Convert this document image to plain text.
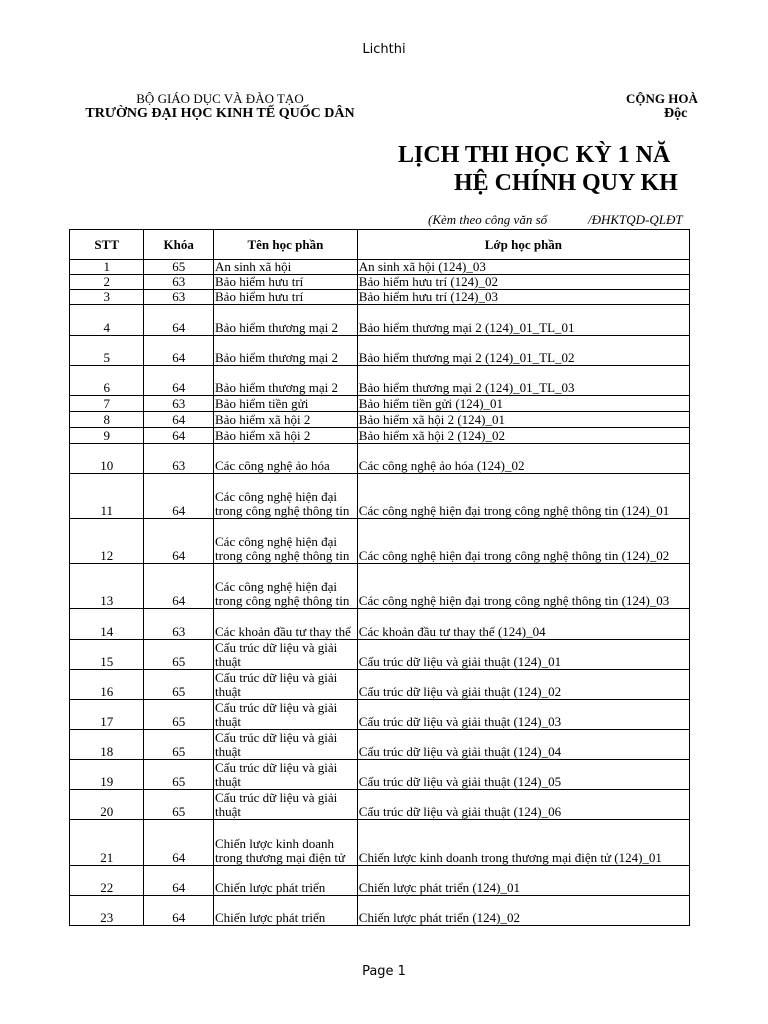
Lichthi
BỘ GIÁO DỤC VÀ ĐÀO TẠO
TRƯỜNG ĐẠI HỌC KINH TẾ QUỐC DÂN
CỘNG HOÀ
Độc
LỊCH THI HỌC KỲ 1 NĂ
HỆ CHÍNH QUY KH
(Kèm theo công văn số	/ĐHKTQD-QLĐT
STT	Khóa	Tên học phần	Lớp học phần
1	65	An sinh xã hội	An sinh xã hội (124)_03
2	63	Bảo hiểm hưu trí	Bảo hiểm hưu trí (124)_02
3	63	Bảo hiểm hưu trí	Bảo hiểm hưu trí (124)_03
4	64	Bảo hiểm thương mại 2	Bảo hiểm thương mại 2 (124)_01_TL_01
5	64	Bảo hiểm thương mại 2	Bảo hiểm thương mại 2 (124)_01_TL_02
6	64	Bảo hiểm thương mại 2	Bảo hiểm thương mại 2 (124)_01_TL_03
7	63	Bảo hiểm tiền gửi	Bảo hiểm tiền gửi (124)_01
8	64	Bảo hiểm xã hội 2	Bảo hiểm xã hội 2 (124)_01
9	64	Bảo hiểm xã hội 2	Bảo hiểm xã hội 2 (124)_02
10	63	Các công nghệ ảo hóa	Các công nghệ ảo hóa (124)_02
11	64	Các công nghệ hiện đại trong công nghệ thông tin	Các công nghệ hiện đại trong công nghệ thông tin (124)_01
12	64	Các công nghệ hiện đại trong công nghệ thông tin	Các công nghệ hiện đại trong công nghệ thông tin (124)_02
13	64	Các công nghệ hiện đại trong công nghệ thông tin	Các công nghệ hiện đại trong công nghệ thông tin (124)_03
14	63	Các khoản đầu tư thay thế	Các khoản đầu tư thay thế (124)_04
15	65	Cấu trúc dữ liệu và giải thuật	Cấu trúc dữ liệu và giải thuật (124)_01
16	65	Cấu trúc dữ liệu và giải thuật	Cấu trúc dữ liệu và giải thuật (124)_02
17	65	Cấu trúc dữ liệu và giải thuật	Cấu trúc dữ liệu và giải thuật (124)_03
18	65	Cấu trúc dữ liệu và giải thuật	Cấu trúc dữ liệu và giải thuật (124)_04
19	65	Cấu trúc dữ liệu và giải thuật	Cấu trúc dữ liệu và giải thuật (124)_05
20	65	Cấu trúc dữ liệu và giải thuật	Cấu trúc dữ liệu và giải thuật (124)_06
21	64	Chiến lược kinh doanh trong thương mại điện tử	Chiến lược kinh doanh trong thương mại điện tử (124)_01
22	64	Chiến lược phát triển	Chiến lược phát triển (124)_01
23	64	Chiến lược phát triển	Chiến lược phát triển (124)_02
Page 1
